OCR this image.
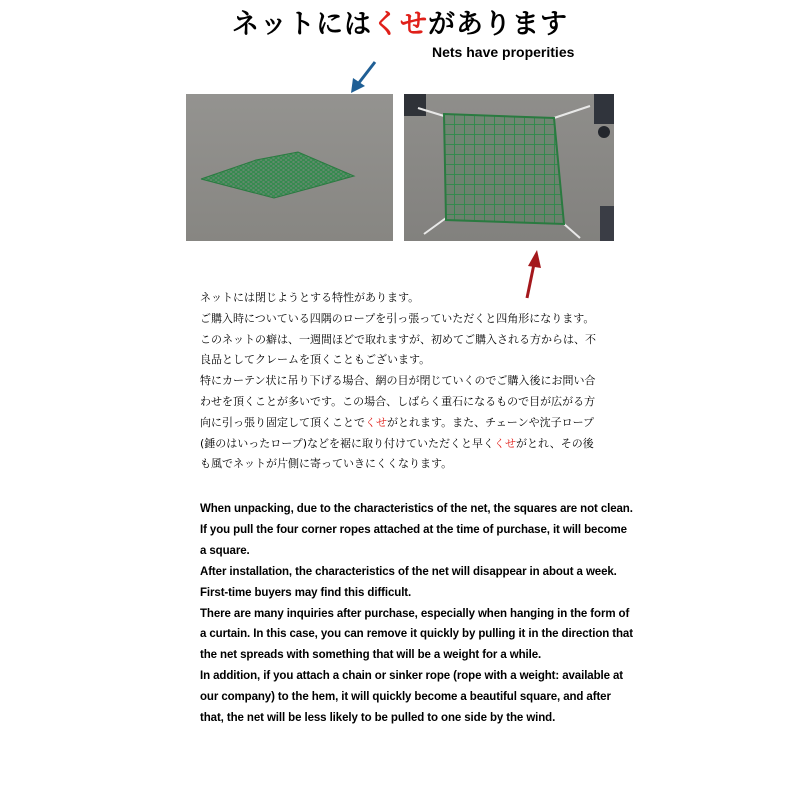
ネットにはくせがあります
Nets have properities
ネットには閉じようとする特性があります。
ご購入時についている四隅のロープを引っ張っていただくと四角形になります。
このネットの癖は、一週間ほどで取れますが、初めてご購入される方からは、不
良品としてクレームを頂くこともございます。
特にカーテン状に吊り下げる場合、網の目が閉じていくのでご購入後にお問い合
わせを頂くことが多いです。この場合、しばらく重石になるもので目が広がる方
向に引っ張り固定して頂くことでくせがとれます。また、チェーンや沈子ロープ
(錘のはいったロープ)などを裾に取り付けていただくと早くくせがとれ、その後
も風でネットが片側に寄っていきにくくなります。
When unpacking, due to the characteristics of the net, the squares are not clean.
If you pull the four corner ropes attached at the time of purchase, it will become
a square.
After installation, the characteristics of the net will disappear in about a week.
First-time buyers may find this difficult.
There are many inquiries after purchase, especially when hanging in the form of
a curtain. In this case, you can remove it quickly by pulling it in the direction that
the net spreads with something that will be a weight for a while.
In addition, if you attach a chain or sinker rope (rope with a weight: available at
our company) to the hem, it will quickly become a beautiful square, and after
that, the net will be less likely to be pulled to one side by the wind.
